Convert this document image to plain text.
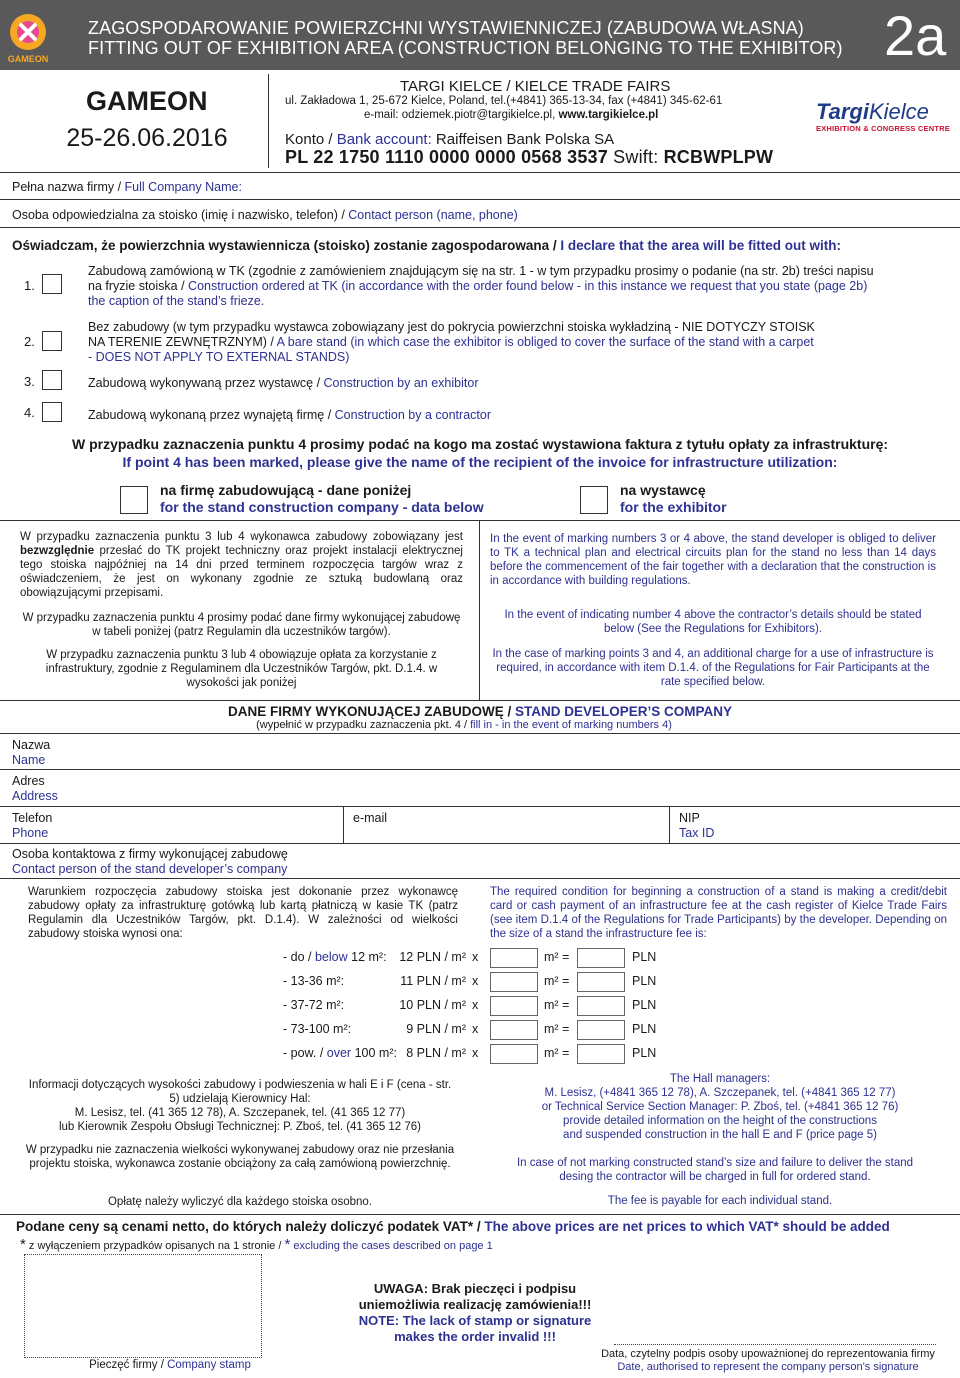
GAMEON
ZAGOSPODAROWANIE POWIERZCHNI WYSTAWIENNICZEJ (ZABUDOWA WŁASNA)
FITTING OUT OF EXHIBITION AREA (CONSTRUCTION BELONGING TO THE EXHIBITOR) 2a
GAMEON
25-26.06.2016
TARGI KIELCE / KIELCE TRADE FAIRS
ul. Zakładowa 1, 25-672 Kielce, Poland, tel.(+4841) 365-13-34, fax (+4841) 345-62-61
e-mail: odziemek.piotr@targikielce.pl, www.targikielce.pl
Konto / Bank account: Raiffeisen Bank Polska SA
PL 22 1750 1110 0000 0000 0568 3537 Swift: RCBWPLPW
TargiKielce
EXHIBITION & CONGRESS CENTRE
Pełna nazwa firmy / Full Company Name:
Osoba odpowiedzialna za stoisko (imię i nazwisko, telefon) / Contact person (name, phone)
Oświadczam, że powierzchnia wystawiennicza (stoisko) zostanie zagospodarowana / I declare that the area will be fitted out with:
1.
Zabudową zamówioną w TK (zgodnie z zamówieniem znajdującym się na str. 1 - w tym przypadku prosimy o podanie (na str. 2b) treści napisu
na fryzie stoiska / Construction ordered at TK (in accordance with the order found below - in this instance we request that you state (page 2b)
the caption of the stand’s frieze.
2.
Bez zabudowy (w tym przypadku wystawca zobowiązany jest do pokrycia powierzchni stoiska wykładziną - NIE DOTYCZY STOISK
NA TERENIE ZEWNĘTRZNYM) / A bare stand (in which case the exhibitor is obliged to cover the surface of the stand with a carpet
- DOES NOT APPLY TO EXTERNAL STANDS)
3.	Zabudową wykonywaną przez wystawcę / Construction by an exhibitor
4.	Zabudową wykonaną przez wynajętą firmę / Construction by a contractor
W przypadku zaznaczenia punktu 4 prosimy podać na kogo ma zostać wystawiona faktura z tytułu opłaty za infrastrukturę:
If point 4 has been marked, please give the name of the recipient of the invoice for infrastructure utilization:
na firmę zabudowującą - dane poniżej
for the stand construction company - data below
na wystawcę
for the exhibitor
W przypadku zaznaczenia punktu 3 lub 4 wykonawca zabudowy zobowiązany jest bezwzględnie przesłać do TK projekt techniczny oraz projekt instalacji elektrycznej tego stoiska najpóźniej na 14 dni przed terminem rozpoczęcia targów wraz z oświadczeniem, że jest on wykonany zgodnie ze sztuką budowlaną oraz obowiązującymi przepisami.
W przypadku zaznaczenia punktu 4 prosimy podać dane firmy wykonującej zabudowę w tabeli poniżej (patrz Regulamin dla uczestników targów).
W przypadku zaznaczenia punktu 3 lub 4 obowiązuje opłata za korzystanie z infrastruktury, zgodnie z Regulaminem dla Uczestników Targów, pkt. D.1.4. w wysokości jak poniżej
In the event of marking numbers 3 or 4 above, the stand developer is obliged to deliver to TK a technical plan and electrical circuits plan for the stand no less than 14 days before the commencement of the fair together with a declaration that the construction is in accordance with building regulations.
In the event of indicating number 4 above the contractor’s details should be stated below (See the Regulations for Exhibitors).
In the case of marking points 3 and 4, an additional charge for a use of infrastructure is required, in accordance with item D.1.4. of the Regulations for Fair Participants at the rate specified below.
DANE FIRMY WYKONUJĄCEJ ZABUDOWĘ / STAND DEVELOPER’S COMPANY
(wypełnić w przypadku zaznaczenia pkt. 4 / fill in - in the event of marking numbers 4)
Nazwa
Name
Adres
Address
Telefon
Phone
e-mail	NIP
Tax ID
Osoba kontaktowa z firmy wykonującej zabudowę
Contact person of the stand developer’s company
Warunkiem rozpoczęcia zabudowy stoiska jest dokonanie przez wykonawcę zabudowy opłaty za infrastrukturę gotówką lub kartą płatniczą w kasie TK (patrz Regulamin dla Uczestników Targów, pkt. D.1.4). W zależności od wielkości zabudowy stoiska wynosi ona:
The required condition for beginning a construction of a stand is making a credit/debit card or cash payment of an infrastructure fee at the cash register of Kielce Trade Fairs (see item D.1.4 of the Regulations for Trade Participants) by the developer. Depending on the size of a stand the infrastructure fee is:
- do / below 12 m²:	12 PLN / m² x	m² =	PLN
- 13-36 m²:	11 PLN / m² x	m² =	PLN
- 37-72 m²:	10 PLN / m² x	m² =	PLN
- 73-100 m²:	9 PLN / m² x	m² =	PLN
- pow. / over 100 m²: 8 PLN / m² x	m² =	PLN
Informacji dotyczących wysokości zabudowy i podwieszenia w hali E i F (cena - str. 5) udzielają Kierownicy Hal:
M. Lesisz, tel. (41 365 12 78), A. Szczepanek, tel. (41 365 12 77)
lub Kierownik Zespołu Obsługi Technicznej: P. Zboś, tel. (41 365 12 76)
W przypadku nie zaznaczenia wielkości wykonywanej zabudowy oraz nie przesłania projektu stoiska, wykonawca zostanie obciążony za całą zamówioną powierzchnię.
Opłatę należy wyliczyć dla każdego stoiska osobno.
The Hall managers:
M. Lesisz, (+4841 365 12 78), A. Szczepanek, tel. (+4841 365 12 77)
or Technical Service Section Manager: P. Zboś, tel. (+4841 365 12 76)
provide detailed information on the height of the constructions
and suspended construction in the hall E and F (price page 5)
In case of not marking constructed stand’s size and failure to deliver the stand desing the contractor will be charged in full for ordered stand.
The fee is payable for each individual stand.
Podane ceny są cenami netto, do których należy doliczyć podatek VAT* / The above prices are net prices to which VAT* should be added
* z wyłączeniem przypadków opisanych na 1 stronie / * excluding the cases described on page 1
Pieczęć firmy / Company stamp
UWAGA: Brak pieczęci i podpisu
uniemożliwia realizację zamówienia!!!
NOTE: The lack of stamp or signature
makes the order invalid !!!
Data, czytelny podpis osoby upoważnionej do reprezentowania firmy
Date, authorised to represent the company person’s signature
